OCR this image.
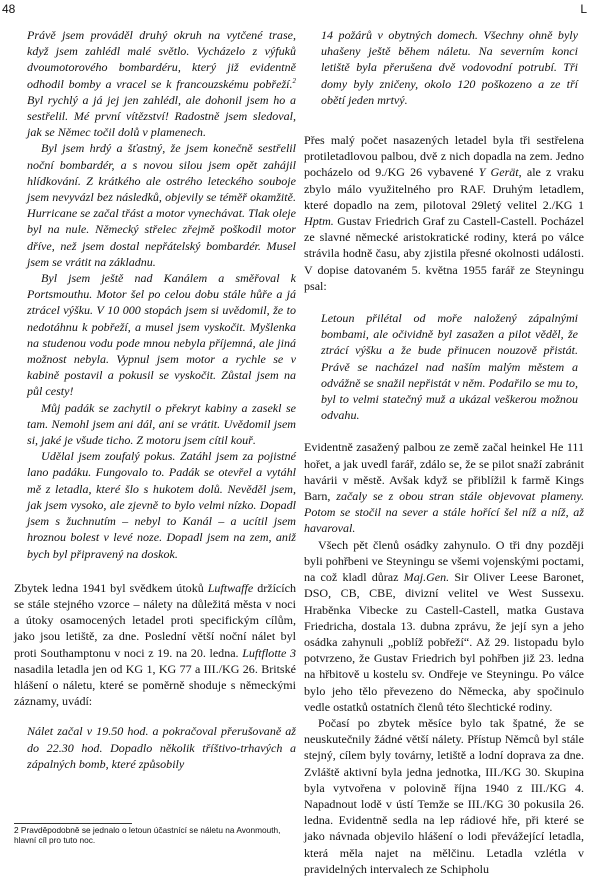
48	L

Právě jsem prováděl druhý okruh na vytčené trase, když jsem zahlédl malé světlo. Vycházelo z výfuků dvoumotorového bombardéru, který již evidentně odhodil bomby a vracel se k francouzskému pobřeží.$^2$ Byl rychlý a já jej jen zahlédl, ale dohonil jsem ho a sestřelil. Mé první vítězství! Radostně jsem sledoval, jak se Němec točil dolů v plamenech.

Byl jsem hrdý a šťastný, že jsem konečně sestřelil noční bombardér, a s novou silou jsem opět zahájil hlídkování. Z krátkého ale ostrého leteckého souboje jsem nevyvázl bez následků, objevily se téměř okamžitě. Hurricane se začal třást a motor vynechávat. Tlak oleje byl na nule. Německý střelec zřejmě poškodil motor dříve, než jsem dostal nepřátelský bombardér. Musel jsem se vrátit na základnu.

Byl jsem ještě nad Kanálem a směřoval k Portsmouthu. Motor šel po celou dobu stále hůře a já ztrácel výšku. V 10 000 stopách jsem si uvědomil, že to nedotáhnu k pobřeží, a musel jsem vyskočit. Myšlenka na studenou vodu pode mnou nebyla příjemná, ale jiná možnost nebyla. Vypnul jsem motor a rychle se v kabině postavil a pokusil se vyskočit. Zůstal jsem na půl cesty!

Můj padák se zachytil o překryt kabiny a zasekl se tam. Nemohl jsem ani dál, ani se vrátit. Uvědomil jsem si, jaké je všude ticho. Z motoru jsem cítil kouř.

Udělal jsem zoufalý pokus. Zatáhl jsem za pojistné lano padáku. Fungovalo to. Padák se otevřel a vytáhl mě z letadla, které šlo s hukotem dolů. Nevěděl jsem, jak jsem vysoko, ale zjevně to bylo velmi nízko. Dopadl jsem s žuchnutím – nebyl to Kanál – a ucítil jsem hroznou bolest v levé noze. Dopadl jsem na zem, aniž bych byl připravený na doskok.

Zbytek ledna 1941 byl svědkem útoků Luftwaffe držících se stále stejného vzorce – nálety na důležitá města v noci a útoky osamocených letadel proti specifickým cílům, jako jsou letiště, za dne. Poslední větší noční nálet byl proti Southamptonu v noci z 19. na 20. ledna. Luftflotte 3 nasadila letadla jen od KG 1, KG 77 a III./KG 26. Britské hlášení o náletu, které se poměrně shoduje s německými záznamy, uvádí:

Nálet začal v 19.50 hod. a pokračoval přerušovaně až do 22.30 hod. Dopadlo několik tříštivo-trhavých a zápalných bomb, které způsobily

14 požárů v obytných domech. Všechny ohně byly uhašeny ještě během náletu. Na severním konci letiště byla přerušena dvě vodovodní potrubí. Tři domy byly zničeny, okolo 120 poškozeno a ze tří obětí jeden mrtvý.

Přes malý počet nasazených letadel byla tři sestřelena protiletadlovou palbou, dvě z nich dopadla na zem. Jedno pocházelo od 9./KG 26 vybavené Y Gerät, ale z vraku zbylo málo využitelného pro RAF. Druhým letadlem, které dopadlo na zem, pilotoval 29letý velitel 2./KG 1 Hptm. Gustav Friedrich Graf zu Castell-Castell. Pocházel ze slavné německé aristokratické rodiny, která po válce strávila hodně času, aby zjistila přesné okolnosti události. V dopise datovaném 5. května 1955 farář ze Steyningu psal:

Letoun přilétal od moře naložený zápalnými bombami, ale očividně byl zasažen a pilot věděl, že ztrácí výšku a že bude přinucen nouzově přistát. Právě se nacházel nad naším malým městem a odvážně se snažil nepřistát v něm. Podařilo se mu to, byl to velmi statečný muž a ukázal veškerou možnou odvahu.

Evidentně zasažený palbou ze země začal heinkel He 111 hořet, a jak uvedl farář, zdálo se, že se pilot snaží zabránit havárii v městě. Avšak když se přiblížil k farmě Kings Barn, začaly se z obou stran stále objevovat plameny. Potom se stočil na sever a stále hořící šel níž a níž, až havaroval.

Všech pět členů osádky zahynulo. O tři dny později byli pohřbeni ve Steyningu se všemi vojenskými poctami, na což kladl důraz Maj.Gen. Sir Oliver Leese Baronet, DSO, CB, CBE, divizní velitel ve West Sussexu. Hraběnka Vibecke zu Castell-Castell, matka Gustava Friedricha, dostala 13. dubna zprávu, že její syn a jeho osádka zahynuli „poblíž pobřeží“. Až 29. listopadu bylo potvrzeno, že Gustav Friedrich byl pohřben již 23. ledna na hřbitově u kostelu sv. Ondřeje ve Steyningu. Po válce bylo jeho tělo převezeno do Německa, aby spočinulo vedle ostatků ostatních členů této šlechtické rodiny.

Počasí po zbytek měsíce bylo tak špatné, že se neuskutečnily žádné větší nálety. Přístup Němců byl stále stejný, cílem byly továrny, letiště a lodní doprava za dne. Zvláště aktivní byla jedna jednotka, III./KG 30. Skupina byla vytvořena v polovině října 1940 z III./KG 4. Napadnout lodě v ústí Temže se III./KG 30 pokusila 26. ledna. Evidentně sedla na lep rádiové hře, při které se jako návnada objevilo hlášení o lodi převážející letadla, která měla najet na mělčinu. Letadla vzlétla v pravidelných intervalech ze Schipholu

2 Pravděpodobně se jednalo o letoun účastnící se náletu na Avonmouth, hlavní cíl pro tuto noc.
